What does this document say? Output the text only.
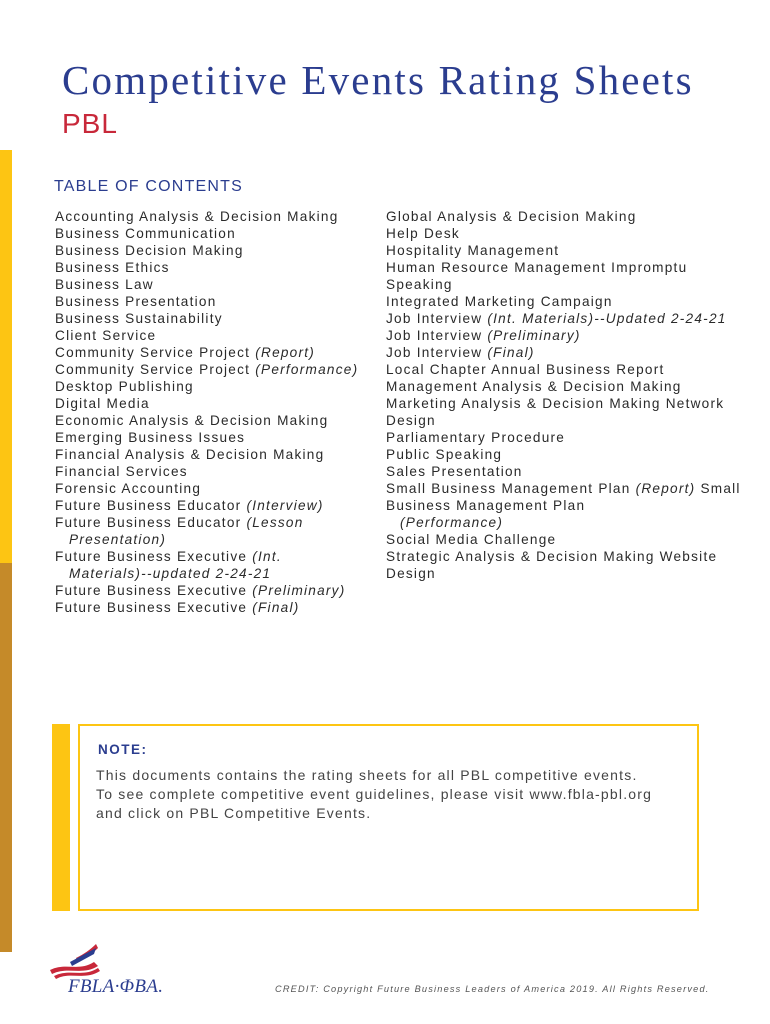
Competitive Events Rating Sheets
PBL
TABLE OF CONTENTS
Accounting Analysis & Decision Making
Business Communication
Business Decision Making
Business Ethics
Business Law
Business Presentation
Business Sustainability
Client Service
Community Service Project (Report)
Community Service Project (Performance)
Desktop Publishing
Digital Media
Economic Analysis & Decision Making
Emerging Business Issues
Financial Analysis & Decision Making
Financial Services
Forensic Accounting
Future Business Educator (Interview)
Future Business Educator (Lesson
Presentation)
Future Business Executive (Int.
Materials)--updated 2-24-21
Future Business Executive (Preliminary)
Future Business Executive (Final)
Global Analysis & Decision Making
Help Desk
Hospitality Management
Human Resource Management Impromptu
Speaking
Integrated Marketing Campaign
Job Interview (Int. Materials)--Updated 2-24-21
Job Interview (Preliminary)
Job Interview (Final)
Local Chapter Annual Business Report
Management Analysis & Decision Making
Marketing Analysis & Decision Making Network
Design
Parliamentary Procedure
Public Speaking
Sales Presentation
Small Business Management Plan (Report) Small
Business Management Plan
(Performance)
Social Media Challenge
Strategic Analysis & Decision Making Website
Design
NOTE:
This documents contains the rating sheets for all PBL competitive events.
To see complete competitive event guidelines, please visit www.fbla-pbl.org
and click on PBL Competitive Events.
FBLA·ΦBA.	CREDIT: Copyright Future Business Leaders of America 2019. All Rights Reserved.
